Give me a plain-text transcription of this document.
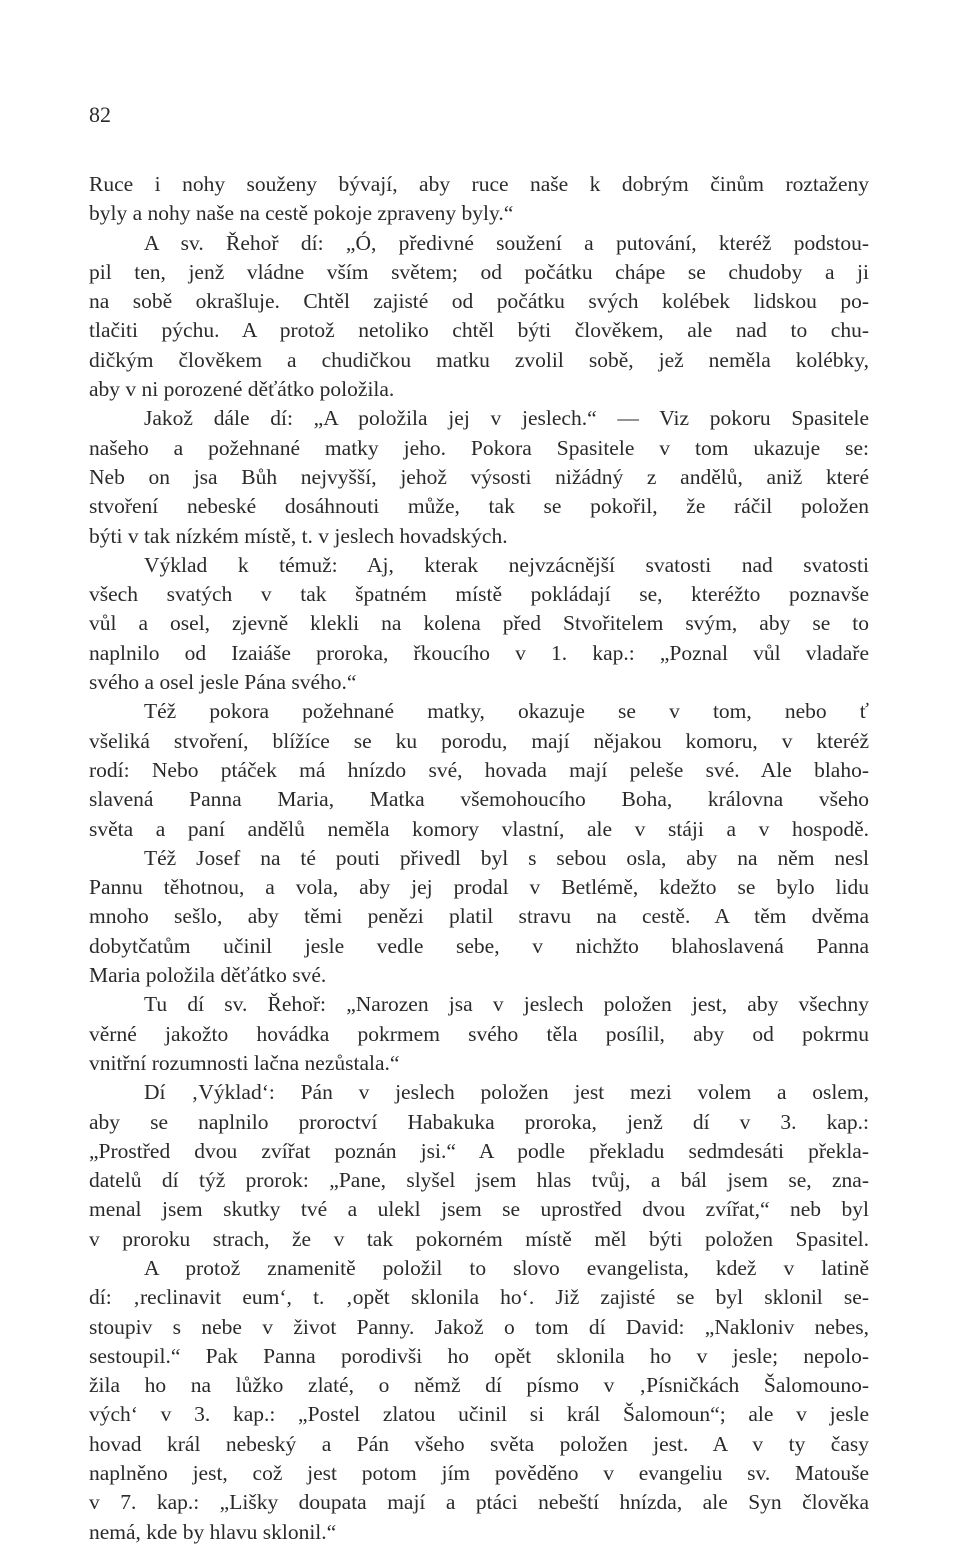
82
Ruce i nohy souženy bývají, aby ruce naše k dobrým činům roztaženy
byly a nohy naše na cestě pokoje zpraveny byly.“
A sv. Řehoř dí: „Ó, předivné soužení a putování, kteréž podstou-
pil ten, jenž vládne vším světem; od počátku chápe se chudoby a ji
na sobě okrašluje. Chtěl zajisté od počátku svých kolébek lidskou po-
tlačiti pýchu. A protož netoliko chtěl býti člověkem, ale nad to chu-
dičkým člověkem a chudičkou matku zvolil sobě, jež neměla kolébky,
aby v ni porozené děťátko položila.
Jakož dále dí: „A položila jej v jeslech.“ — Viz pokoru Spasitele
našeho a požehnané matky jeho. Pokora Spasitele v tom ukazuje se:
Neb on jsa Bůh nejvyšší, jehož výsosti nižádný z andělů, aniž které
stvoření nebeské dosáhnouti může, tak se pokořil, že ráčil položen
býti v tak nízkém místě, t. v jeslech hovadských.
Výklad k témuž: Aj, kterak nejvzácnější svatosti nad svatosti
všech svatých v tak špatném místě pokládají se, kteréžto poznavše
vůl a osel, zjevně klekli na kolena před Stvořitelem svým, aby se to
naplnilo od Izaiáše proroka, řkoucího v 1. kap.: „Poznal vůl vladaře
svého a osel jesle Pána svého.“
Též pokora požehnané matky, okazuje se v tom, nebo ť
všeliká stvoření, blížíce se ku porodu, mají nějakou komoru, v kteréž
rodí: Nebo ptáček má hnízdo své, hovada mají peleše své. Ale blaho-
slavená Panna Maria, Matka všemohoucího Boha, královna všeho
světa a paní andělů neměla komory vlastní, ale v stáji a v hospodě.
Též Josef na té pouti přivedl byl s sebou osla, aby na něm nesl
Pannu těhotnou, a vola, aby jej prodal v Betlémě, kdežto se bylo lidu
mnoho sešlo, aby těmi penězi platil stravu na cestě. A těm dvěma
dobytčatům učinil jesle vedle sebe, v nichžto blahoslavená Panna
Maria položila děťátko své.
Tu dí sv. Řehoř: „Narozen jsa v jeslech položen jest, aby všechny
věrné jakožto hovádka pokrmem svého těla posílil, aby od pokrmu
vnitřní rozumnosti lačna nezůstala.“
Dí ‚Výklad‘: Pán v jeslech položen jest mezi volem a oslem,
aby se naplnilo proroctví Habakuka proroka, jenž dí v 3. kap.:
„Prostřed dvou zvířat poznán jsi.“ A podle překladu sedmdesáti překla-
datelů dí týž prorok: „Pane, slyšel jsem hlas tvůj, a bál jsem se, zna-
menal jsem skutky tvé a ulekl jsem se uprostřed dvou zvířat,“ neb byl
v proroku strach, že v tak pokorném místě měl býti položen Spasitel.
A protož znamenitě položil to slovo evangelista, kdež v latině
dí: ‚reclinavit eum‘, t. ‚opět sklonila ho‘. Již zajisté se byl sklonil se-
stoupiv s nebe v život Panny. Jakož o tom dí David: „Nakloniv nebes,
sestoupil.“ Pak Panna porodivši ho opět sklonila ho v jesle; nepolo-
žila ho na lůžko zlaté, o němž dí písmo v ‚Písničkách Šalomouno-
vých‘ v 3. kap.: „Postel zlatou učinil si král Šalomoun“; ale v jesle
hovad král nebeský a Pán všeho světa položen jest. A v ty časy
naplněno jest, což jest potom jím pověděno v evangeliu sv. Matouše
v 7. kap.: „Lišky doupata mají a ptáci nebeští hnízda, ale Syn člověka
nemá, kde by hlavu sklonil.“
